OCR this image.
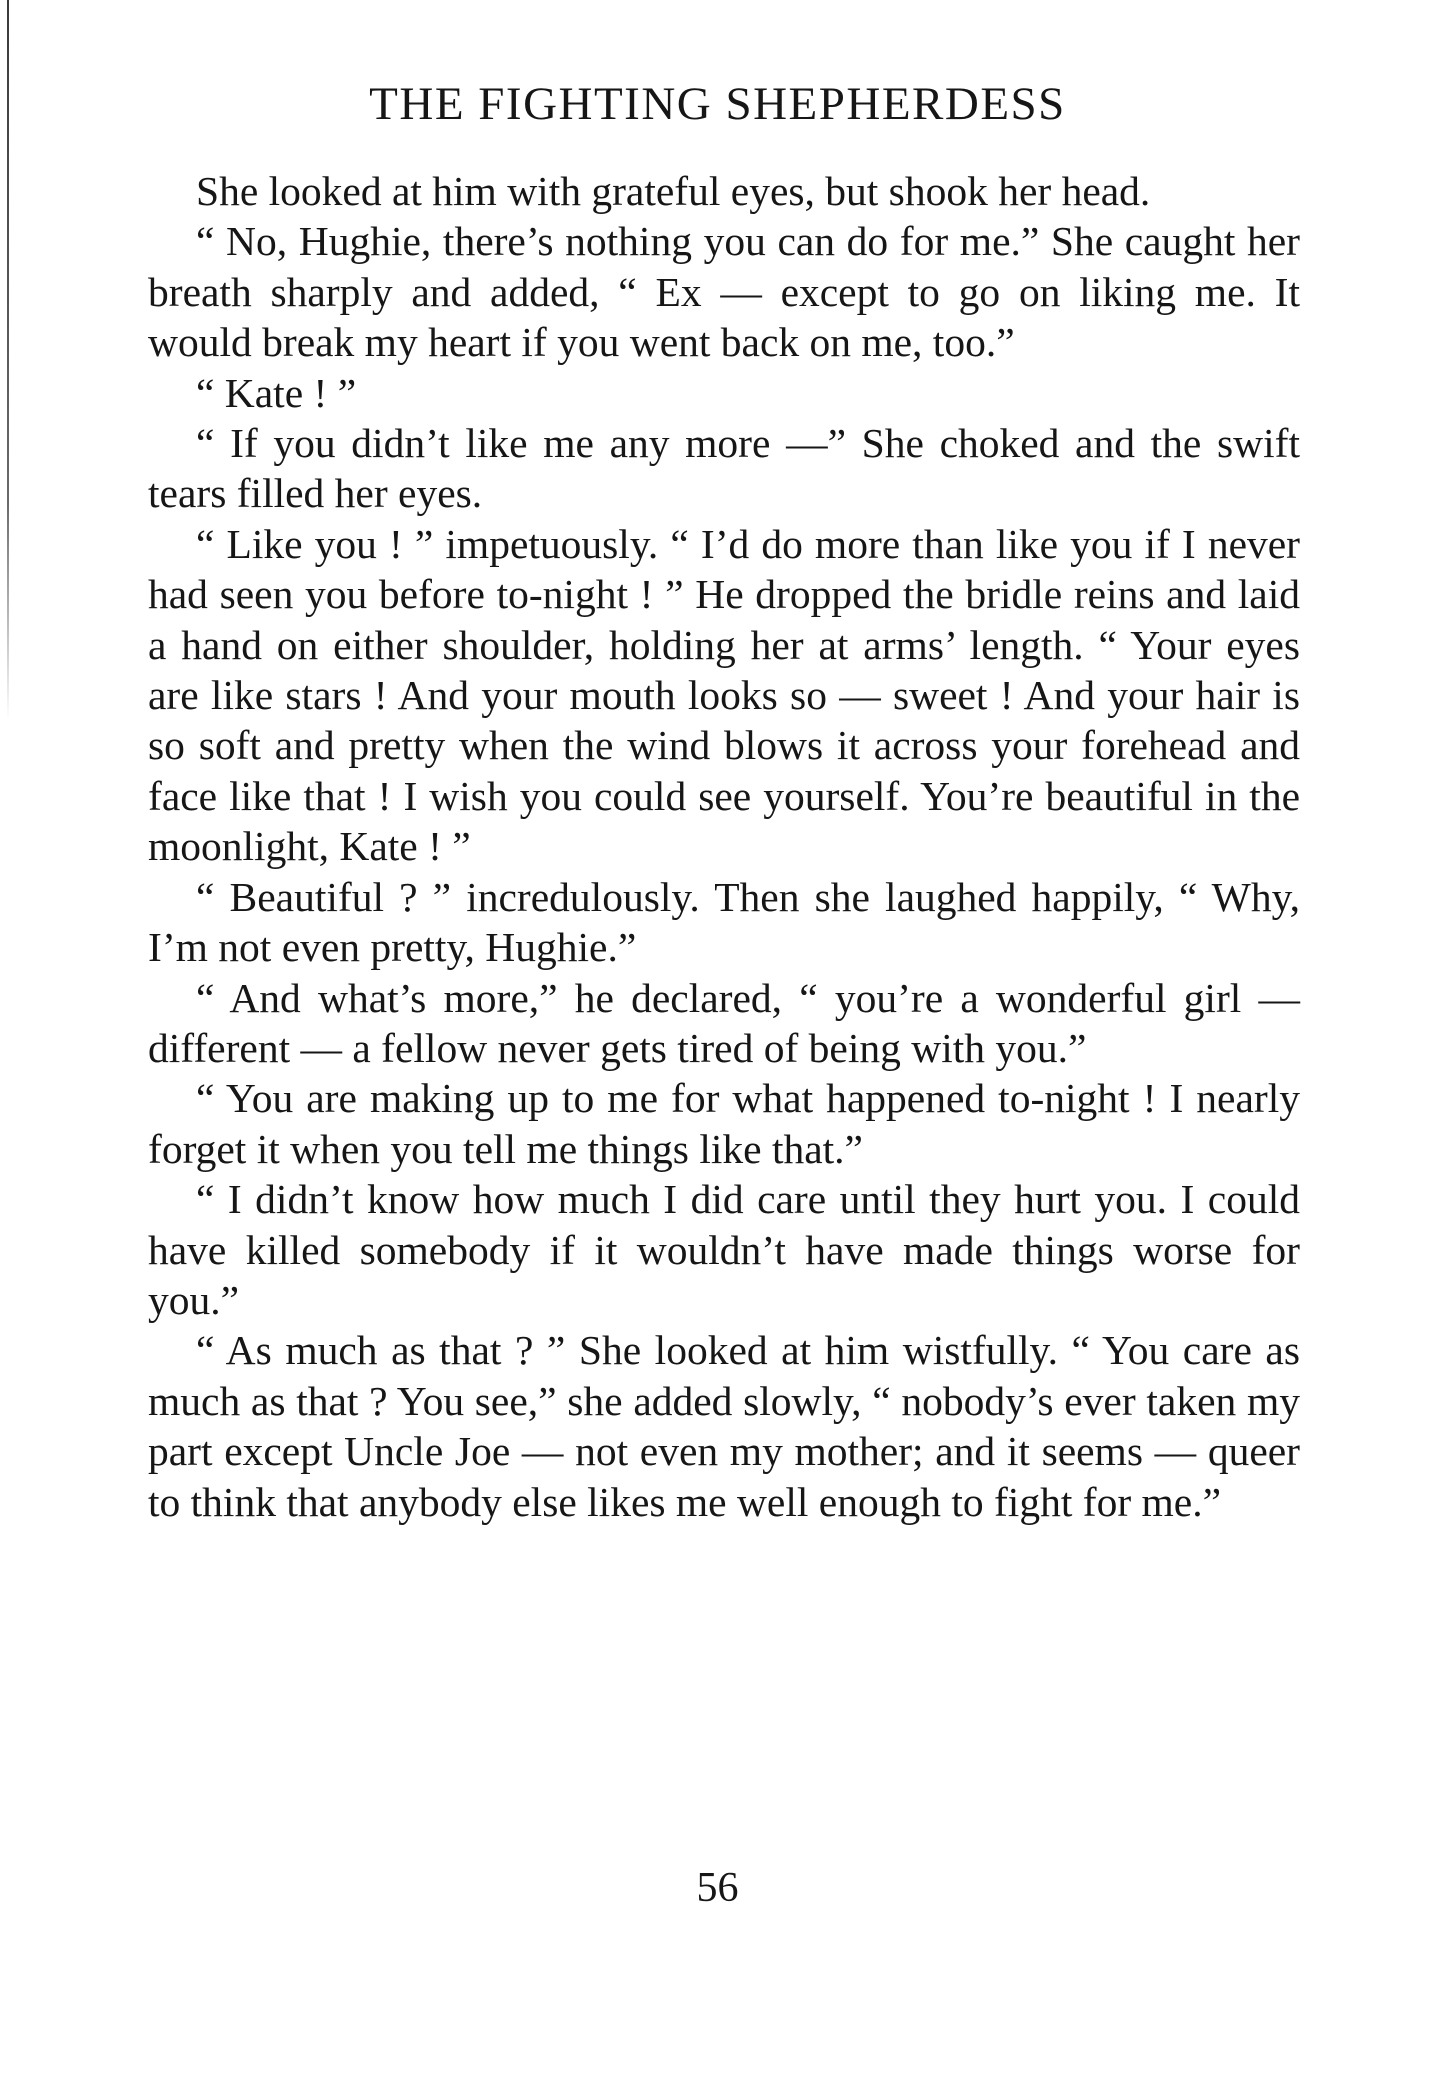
THE FIGHTING SHEPHERDESS

She looked at him with grateful eyes, but shook her head.

“ No, Hughie, there’s nothing you can do for me.” She caught her breath sharply and added, “ Ex — except to go on liking me. It would break my heart if you went back on me, too.”

“ Kate ! ”

“ If you didn’t like me any more —” She choked and the swift tears filled her eyes.

“ Like you ! ” impetuously. “ I’d do more than like you if I never had seen you before to-night ! ” He dropped the bridle reins and laid a hand on either shoulder, holding her at arms’ length. “ Your eyes are like stars ! And your mouth looks so — sweet ! And your hair is so soft and pretty when the wind blows it across your forehead and face like that ! I wish you could see yourself. You’re beautiful in the moonlight, Kate ! ”

“ Beautiful ? ” incredulously. Then she laughed happily, “ Why, I’m not even pretty, Hughie.”

“ And what’s more,” he declared, “ you’re a wonderful girl — different — a fellow never gets tired of being with you.”

“ You are making up to me for what happened to-night ! I nearly forget it when you tell me things like that.”

“ I didn’t know how much I did care until they hurt you. I could have killed somebody if it wouldn’t have made things worse for you.”

“ As much as that ? ” She looked at him wistfully. “ You care as much as that ? You see,” she added slowly, “ nobody’s ever taken my part except Uncle Joe — not even my mother; and it seems — queer to think that anybody else likes me well enough to fight for me.”

56
